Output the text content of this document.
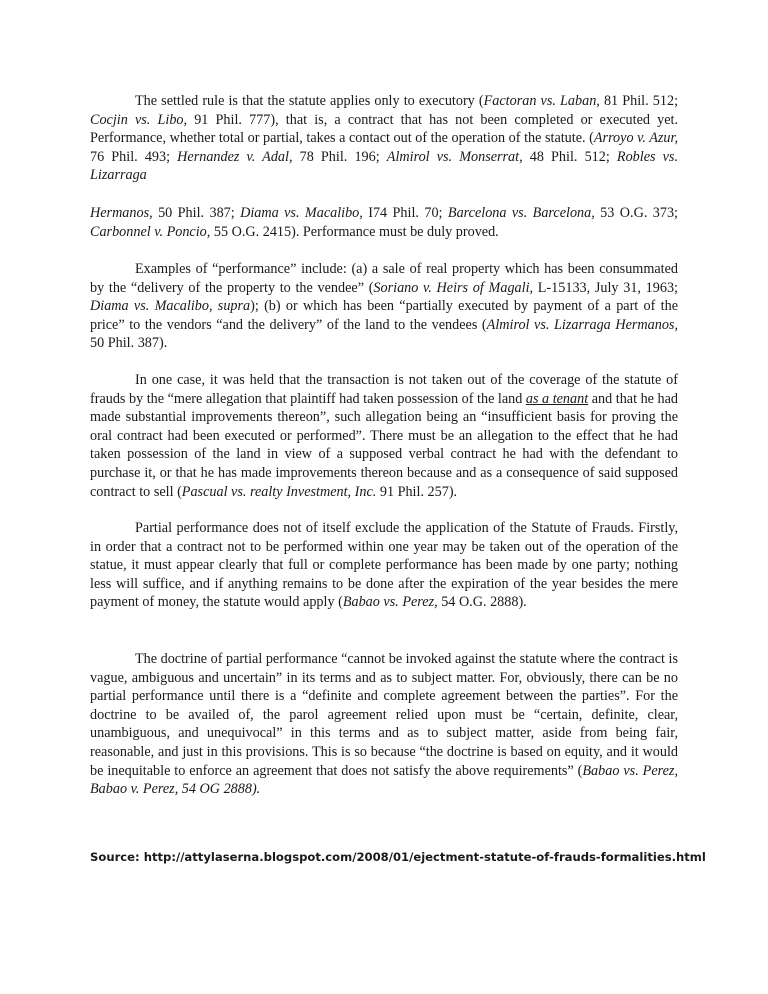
The settled rule is that the statute applies only to executory (Factoran vs. Laban, 81 Phil. 512; Cocjin vs. Libo, 91 Phil. 777), that is, a contract that has not been completed or executed yet. Performance, whether total or partial, takes a contact out of the operation of the statute. (Arroyo v. Azur, 76 Phil. 493; Hernandez v. Adal, 78 Phil. 196; Almirol vs. Monserrat, 48 Phil. 512; Robles vs. Lizarraga

Hermanos, 50 Phil. 387; Diama vs. Macalibo, I74 Phil. 70; Barcelona vs. Barcelona, 53 O.G. 373; Carbonnel v. Poncio, 55 O.G. 2415). Performance must be duly proved.

Examples of “performance” include: (a) a sale of real property which has been consummated by the “delivery of the property to the vendee” (Soriano v. Heirs of Magali, L-15133, July 31, 1963; Diama vs. Macalibo, supra); (b) or which has been “partially executed by payment of a part of the price” to the vendors “and the delivery” of the land to the vendees (Almirol vs. Lizarraga Hermanos, 50 Phil. 387).

In one case, it was held that the transaction is not taken out of the coverage of the statute of frauds by the “mere allegation that plaintiff had taken possession of the land as a tenant and that he had made substantial improvements thereon”, such allegation being an “insufficient basis for proving the oral contract had been executed or performed”. There must be an allegation to the effect that he had taken possession of the land in view of a supposed verbal contract he had with the defendant to purchase it, or that he has made improvements thereon because and as a consequence of said supposed contract to sell (Pascual vs. realty Investment, Inc. 91 Phil. 257).

Partial performance does not of itself exclude the application of the Statute of Frauds. Firstly, in order that a contract not to be performed within one year may be taken out of the operation of the statue, it must appear clearly that full or complete performance has been made by one party; nothing less will suffice, and if anything remains to be done after the expiration of the year besides the mere payment of money, the statute would apply (Babao vs. Perez, 54 O.G. 2888).

The doctrine of partial performance “cannot be invoked against the statute where the contract is vague, ambiguous and uncertain” in its terms and as to subject matter. For, obviously, there can be no partial performance until there is a “definite and complete agreement between the parties”. For the doctrine to be availed of, the parol agreement relied upon must be “certain, definite, clear, unambiguous, and unequivocal” in this terms and as to subject matter, aside from being fair, reasonable, and just in this provisions. This is so because “the doctrine is based on equity, and it would be inequitable to enforce an agreement that does not satisfy the above requirements” (Babao vs. Perez, Babao v. Perez, 54 OG 2888).

Source: http://attylaserna.blogspot.com/2008/01/ejectment-statute-of-frauds-formalities.html
